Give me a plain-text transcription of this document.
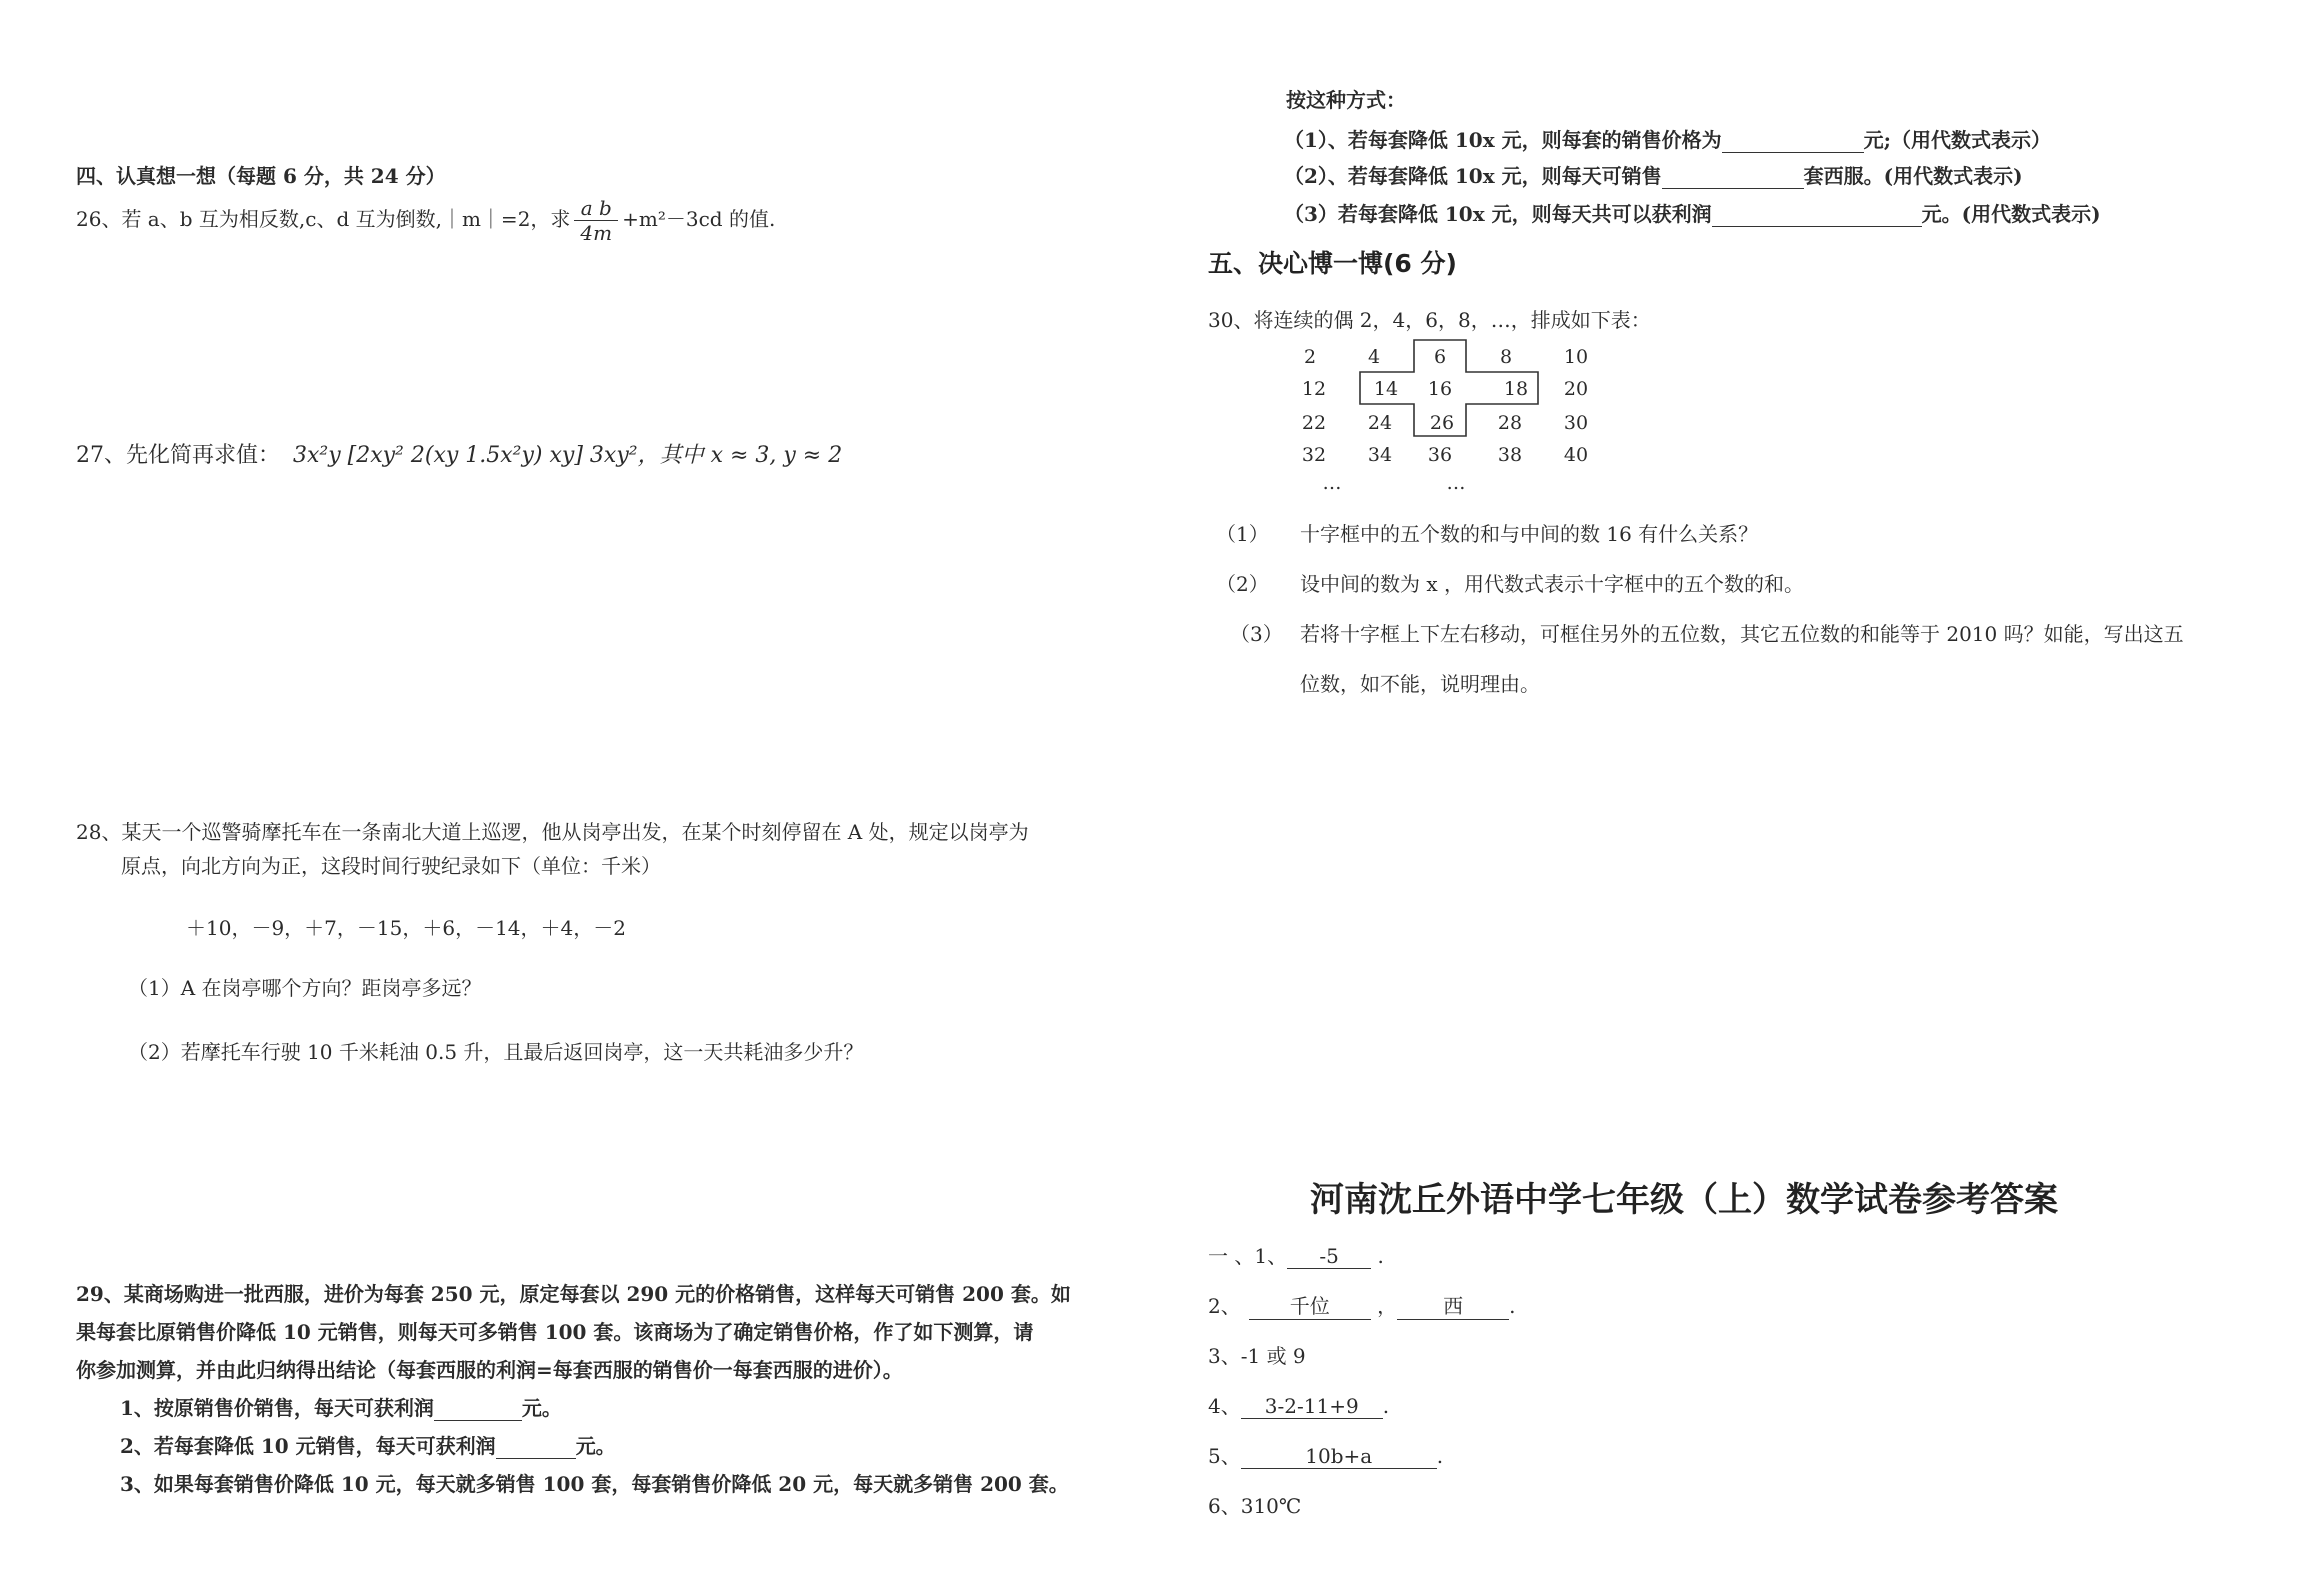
四、认真想一想（每题 6 分，共 24 分）
26、若 a、b 互为相反数,c、d 互为倒数,｜m｜=2，求 $\frac{\text{a b}}{4m} +m^2-3cd$ 的值.
27、先化简再求值： 3x²y [2xy² 2(xy 1.5x²y) xy] 3xy²，其中 x ≈ 3, y ≈ 2
28、某天一个巡警骑摩托车在一条南北大道上巡逻，他从岗亭出发，在某个时刻停留在 A 处，规定以岗亭为
原点，向北方向为正，这段时间行驶纪录如下（单位：千米）
＋10，－9，＋7，－15，＋6，－14，＋4，－2
（1）A 在岗亭哪个方向？距岗亭多远？
（2）若摩托车行驶 10 千米耗油 0.5 升，且最后返回岗亭，这一天共耗油多少升？
29、某商场购进一批西服，进价为每套 250 元，原定每套以 290 元的价格销售，这样每天可销售 200 套。如
果每套比原销售价降低 10 元销售，则每天可多销售 100 套。该商场为了确定销售价格，作了如下测算，请
你参加测算，并由此归纳得出结论（每套西服的利润=每套西服的销售价一每套西服的进价）。
1、按原销售价销售，每天可获利润	元。
2、若每套降低 10 元销售，每天可获利润	元。
3、如果每套销售价降低 10 元，每天就多销售 100 套，每套销售价降低 20 元，每天就多销售 200 套。
按这种方式：
（1）、若每套降低 10x 元，则每套的销售价格为	元;（用代数式表示）
（2）、若每套降低 10x 元，则每天可销售	套西服。(用代数式表示)
（3）若每套降低 10x 元，则每天共可以获利润	元。(用代数式表示)
五、决心博一博(6 分)
30、将连续的偶 2，4，6，8，…，排成如下表：
2	4	6	8	10
12	14	16	18	20
22	24	26	28	30
32	34	36	38	40
…	…
（1） 十字框中的五个数的和与中间的数 16 有什么关系？
（2） 设中间的数为 x ，用代数式表示十字框中的五个数的和。
（3） 若将十字框上下左右移动，可框住另外的五位数，其它五位数的和能等于 2010 吗？如能，写出这五
位数，如不能，说明理由。
河南沈丘外语中学七年级（上）数学试卷参考答案
一 、1、 -5 .
2、 千位 ， 西 .
3、-1 或 9
4、 3-2-11+9 .
5、	10b+a	.
6、310℃
